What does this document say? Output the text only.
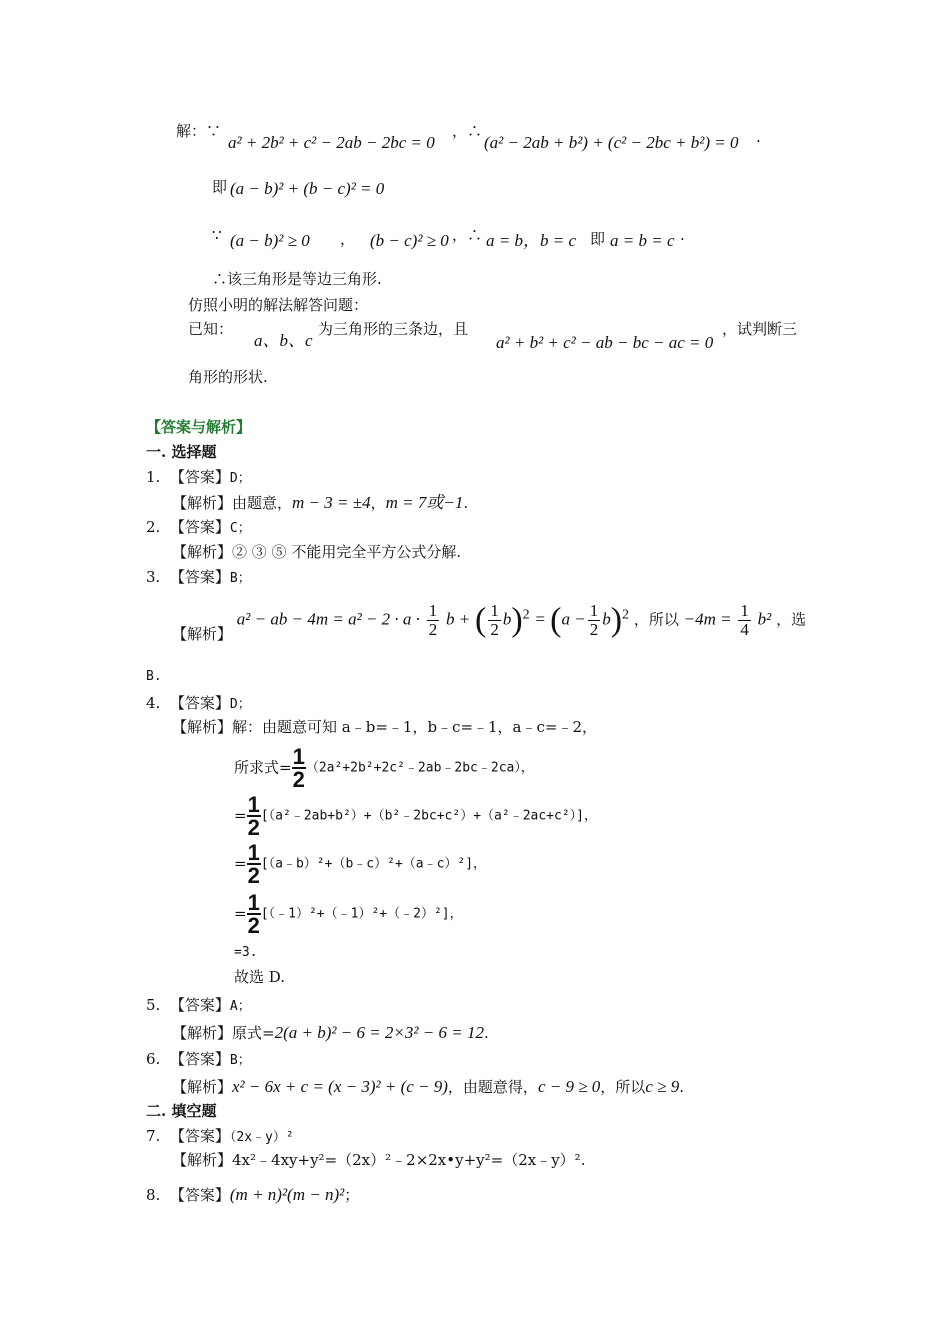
解：∵
a² + 2b² + c² − 2ab − 2bc = 0
，∴
(a² − 2ab + b²) + (c² − 2bc + b²) = 0 ·
即 (a − b)² + (b − c)² = 0
∵ (a − b)² ≥ 0 ， (b − c)² ≥ 0 ，∴ a = b，b = c 即 a = b = c ·
∴该三角形是等边三角形.
仿照小明的解法解答问题：
已知：
a、b、c
为三角形的三条边，且
a² + b² + c² − ab − bc − ac = 0
，试判断三
角形的形状.
【答案与解析】
一. 选择题
1. 【答案】D；
【解析】由题意，m − 3 = ±4，m = 7或−1.
2. 【答案】C；
【解析】② ③ ⑤ 不能用完全平方公式分解.
3. 【答案】B；
【解析】 a² − ab − $4m = a^2 - 2 \cdot a \cdot \frac{1}{2}$ b + ( $\frac{1}{2} b)^2 = (a - \frac{1}{2} b)^2$ ，所以 $-4m = \frac{1}{4} b^2$ ，选
B.
4. 【答案】D；
【解析】解：由题意可知 a﹣b=﹣1，b﹣c=﹣1，a﹣c=﹣2，
所求式= $\frac{1}{2}$ （2a²+2b²+2c²﹣2ab﹣2bc﹣2ca），
= $\frac{1}{2}$ [（a²﹣2ab+b²）+（b²﹣2bc+c²）+（a²﹣2ac+c²）]，
= $\frac{1}{2}$ [（a﹣b）²+（b﹣c）²+（a﹣c）²]，
= $\frac{1}{2}$ [（﹣1）²+（﹣1）²+（﹣2）²]，
=3.
故选 D.
5. 【答案】A；
【解析】原式=2(a + b)² − 6 = 2×3² − 6 = 12.
6. 【答案】B；
【解析】x² − 6x + c = (x − 3)² + (c − 9)，由题意得，c − 9 ≥ 0，所以c ≥ 9.
二. 填空题
7. 【答案】（2x﹣y）²
【解析】4x²﹣4xy+y²=（2x）²﹣2×2x•y+y²=（2x﹣y）².
8. 【答案】(m + n)²(m − n)²；
